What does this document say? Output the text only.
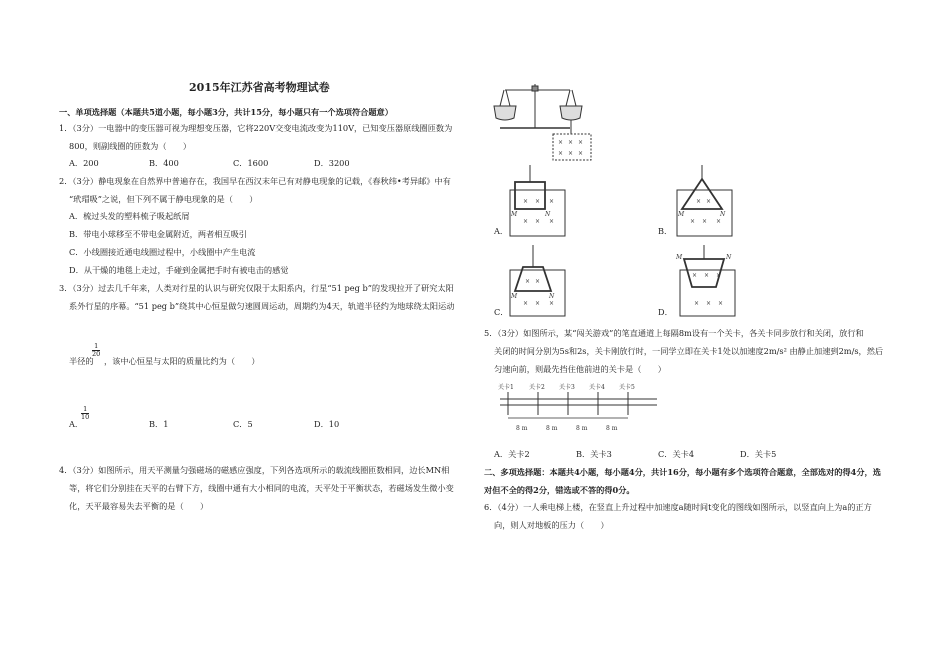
2015年江苏省高考物理试卷
一、单项选择题（本题共5道小题，每小题3分，共计15分，每小题只有一个选项符合题意）
1．（3分）一电器中的变压器可视为理想变压器，它将220V交变电流改变为110V，已知变压器原线圈匝数为
800，则副线圈的匝数为（　　）
A．200	B．400	C．1600	D．3200
2．（3分）静电现象在自然界中普遍存在，我国早在西汉末年已有对静电现象的记载，《春秋纬•考异邮》中有
“玳瑁吸”之说，但下列不属于静电现象的是（　　）
A．梳过头发的塑料梳子吸起纸屑
B．带电小球移至不带电金属附近，两者相互吸引
C．小线圈接近通电线圈过程中，小线圈中产生电流
D．从干燥的地毯上走过，手碰到金属把手时有被电击的感觉
3．（3分）过去几千年来，人类对行星的认识与研究仅限于太阳系内，行星“51 peg b”的发现拉开了研究太阳
系外行星的序幕。“51 peg b”绕其中心恒星做匀速圆周运动，周期约为4天，轨道半径约为地球绕太阳运动
半径的
$\frac{1}{20}$
，该中心恒星与太阳的质量比约为（　　）
A．
$\frac{1}{10}$
B．1	C．5	D．10
4．（3分）如图所示，用天平测量匀强磁场的磁感应强度，下列各选项所示的载流线圈匝数相同，边长MN相
等，将它们分别挂在天平的右臂下方，线圈中通有大小相同的电流，天平处于平衡状态，若磁场发生微小变
化，天平最容易失去平衡的是（　　）
× × ×
× × ×
× × ×
× × ×
M	N
A．
× ×
× × ×
M	N
B．
× ×
× × ×
M	N
C．
× × ×
× × ×
M	N
D．
5．（3分）如图所示，某“闯关游戏”的笔直通道上每隔8m设有一个关卡，各关卡同步放行和关闭，放行和
关闭的时间分别为5s和2s，关卡刚放行时，一同学立即在关卡1处以加速度2m/s² 由静止加速到2m/s，然后
匀速向前，则最先挡住他前进的关卡是（　　）
关卡1	关卡2 关卡3 关卡4 关卡5
8 m	8 m	8 m	8 m
A．关卡2	B．关卡3	C．关卡4	D．关卡5
二、多项选择题：本题共4小题，每小题4分，共计16分，每小题有多个选项符合题意，全部选对的得4分，选
对但不全的得2分，错选或不答的得0分。
6．（4分）一人乘电梯上楼，在竖直上升过程中加速度a随时间t变化的图线如图所示，以竖直向上为a的正方
向，则人对地板的压力（　　）
